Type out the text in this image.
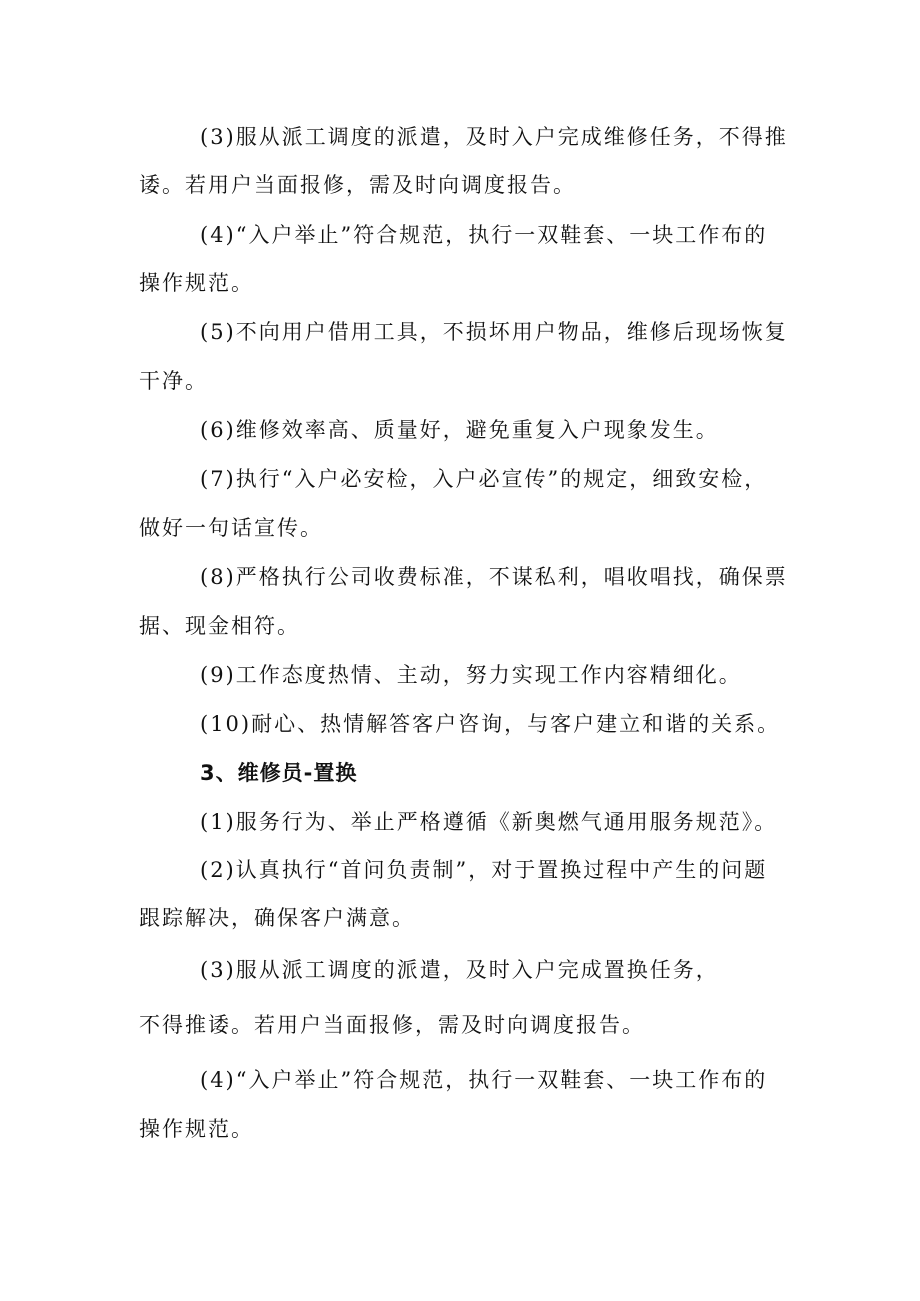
(3)服从派工调度的派遣，及时入户完成维修任务，不得推
诿。若用户当面报修，需及时向调度报告。
(4)“入户举止”符合规范，执行一双鞋套、一块工作布的
操作规范。
(5)不向用户借用工具，不损坏用户物品，维修后现场恢复
干净。
(6)维修效率高、质量好，避免重复入户现象发生。
(7)执行“入户必安检，入户必宣传”的规定，细致安检，
做好一句话宣传。
(8)严格执行公司收费标准，不谋私利，唱收唱找，确保票
据、现金相符。
(9)工作态度热情、主动，努力实现工作内容精细化。
(10)耐心、热情解答客户咨询，与客户建立和谐的关系。
3、维修员-置换
(1)服务行为、举止严格遵循《新奥燃气通用服务规范》。
(2)认真执行“首问负责制”，对于置换过程中产生的问题
跟踪解决，确保客户满意。
(3)服从派工调度的派遣，及时入户完成置换任务，
不得推诿。若用户当面报修，需及时向调度报告。
(4)“入户举止”符合规范，执行一双鞋套、一块工作布的
操作规范。
